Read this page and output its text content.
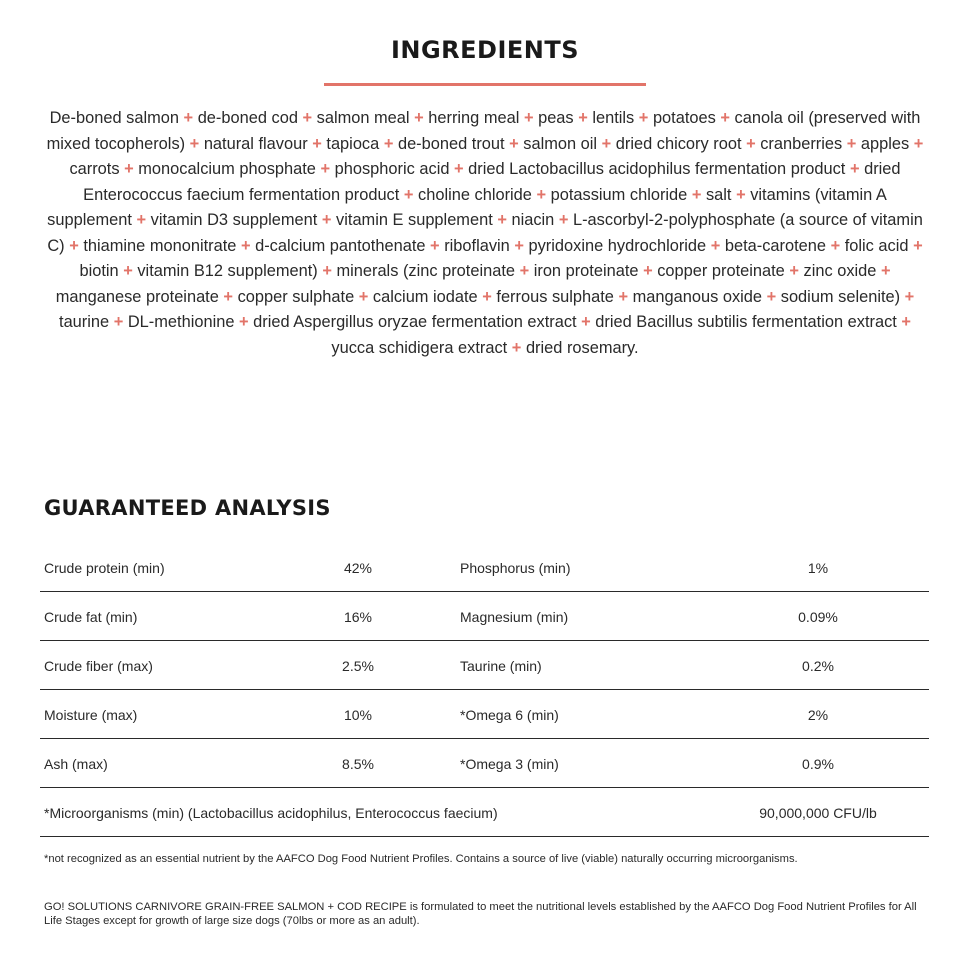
INGREDIENTS
De-boned salmon + de-boned cod + salmon meal + herring meal + peas + lentils + potatoes + canola oil (preserved with mixed tocopherols) + natural flavour + tapioca + de-boned trout + salmon oil + dried chicory root + cranberries + apples + carrots + monocalcium phosphate + phosphoric acid + dried Lactobacillus acidophilus fermentation product + dried Enterococcus faecium fermentation product + choline chloride + potassium chloride + salt + vitamins (vitamin A supplement + vitamin D3 supplement + vitamin E supplement + niacin + L-ascorbyl-2-polyphosphate (a source of vitamin C) + thiamine mononitrate + d-calcium pantothenate + riboflavin + pyridoxine hydrochloride + beta-carotene + folic acid + biotin + vitamin B12 supplement) + minerals (zinc proteinate + iron proteinate + copper proteinate + zinc oxide + manganese proteinate + copper sulphate + calcium iodate + ferrous sulphate + manganous oxide + sodium selenite) + taurine + DL-methionine + dried Aspergillus oryzae fermentation extract + dried Bacillus subtilis fermentation extract + yucca schidigera extract + dried rosemary.
GUARANTEED ANALYSIS
Crude protein (min)	42%	Phosphorus (min)	1%
Crude fat (min)	16%	Magnesium (min)	0.09%
Crude fiber (max)	2.5%	Taurine (min)	0.2%
Moisture (max)	10%	*Omega 6 (min)	2%
Ash (max)	8.5%	*Omega 3 (min)	0.9%
*Microorganisms (min) (Lactobacillus acidophilus, Enterococcus faecium)	90,000,000 CFU/lb
*not recognized as an essential nutrient by the AAFCO Dog Food Nutrient Profiles. Contains a source of live (viable) naturally occurring microorganisms.
GO! SOLUTIONS CARNIVORE GRAIN-FREE SALMON + COD RECIPE is formulated to meet the nutritional levels established by the AAFCO Dog Food Nutrient Profiles for All Life Stages except for growth of large size dogs (70lbs or more as an adult).
